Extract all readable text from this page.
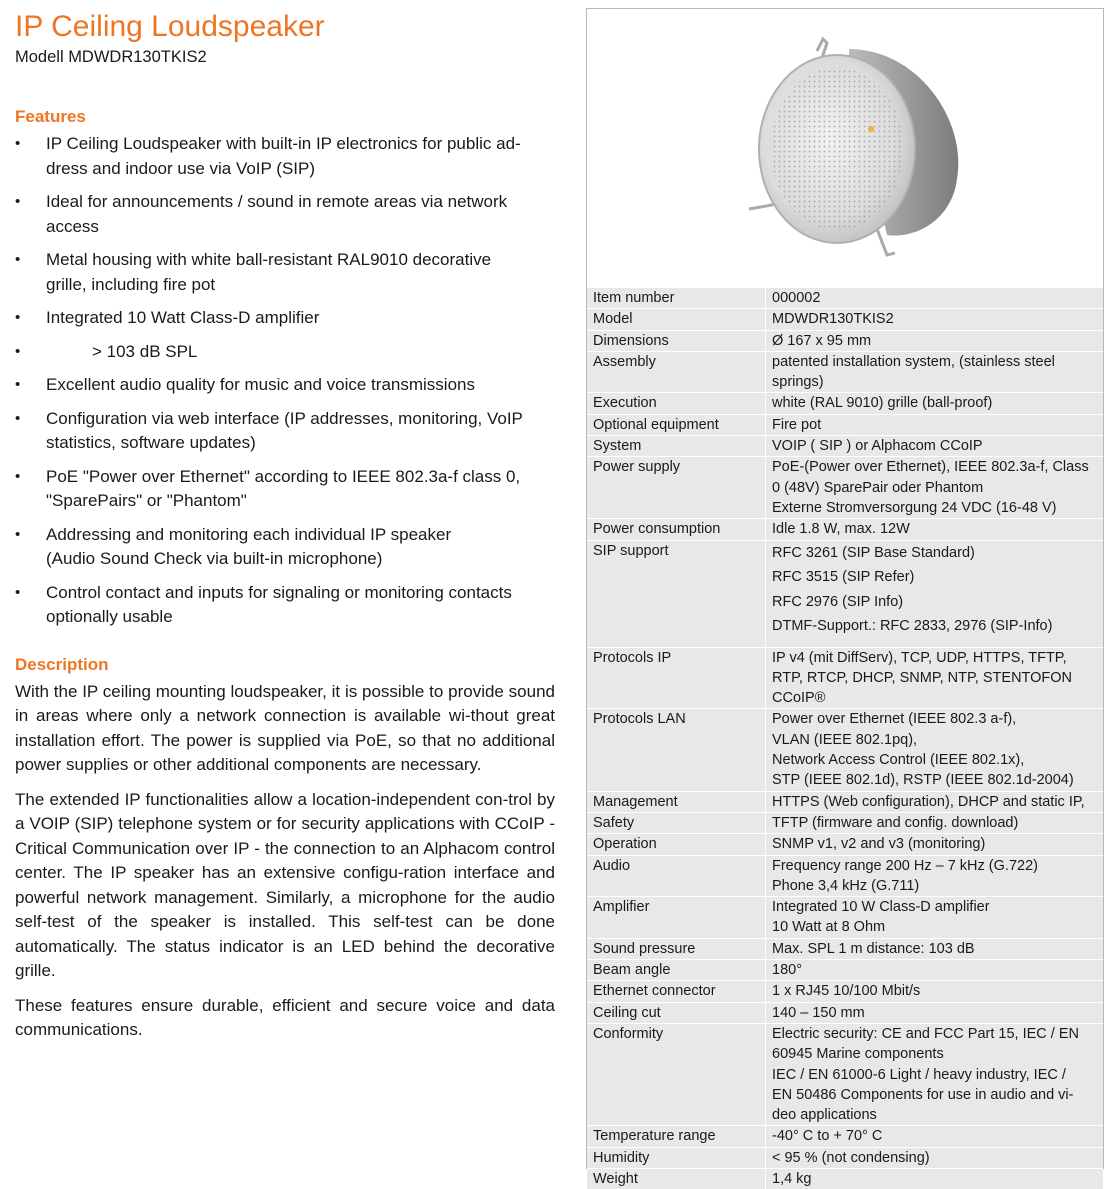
IP Ceiling Loudspeaker

Modell MDWDR130TKIS2

Features
•	IP Ceiling Loudspeaker with built-in IP electronics for public ad-
dress and indoor use via VoIP (SIP)
•	Ideal for announcements / sound in remote areas via network
access
•	Metal housing with white ball-resistant RAL9010 decorative
grille, including fire pot
•	Integrated 10 Watt Class-D amplifier
•	> 103 dB SPL
•	Excellent audio quality for music and voice transmissions
•	Configuration via web interface (IP addresses, monitoring, VoIP
statistics, software updates)
•	PoE "Power over Ethernet" according to IEEE 802.3a-f class 0,
"SparePairs" or "Phantom"
•	Addressing and monitoring each individual IP speaker
(Audio Sound Check via built-in microphone)
•	Control contact and inputs for signaling or monitoring contacts
optionally usable
Description

With the IP ceiling mounting loudspeaker, it is possible to provide sound in areas where only a network connection is available wi-thout great installation effort. The power is supplied via PoE, so that no additional power supplies or other additional components are necessary.

The extended IP functionalities allow a location-independent con-trol by a VOIP (SIP) telephone system or for security applications with CCoIP - Critical Communication over IP - the connection to an Alphacom control center. The IP speaker has an extensive configu-ration interface and powerful network management. Similarly, a microphone for the audio self-test of the speaker is installed. This self-test can be done automatically. The status indicator is an LED behind the decorative grille.

These features ensure durable, efficient and secure voice and data communications.

Item number	000002

Model	MDWDR130TKIS2

Dimensions	Ø 167 x 95 mm

Assembly	patented installation system, (stainless steel
springs)

Execution	white (RAL 9010) grille (ball-proof)

Optional equipment	Fire pot

System	VOIP ( SIP ) or Alphacom CCoIP

Power supply	PoE-(Power over Ethernet), IEEE 802.3a-f, Class
0 (48V) SparePair oder Phantom
Externe Stromversorgung 24 VDC (16-48 V)

Power consumption	Idle 1.8 W, max. 12W

SIP support	RFC 3261 (SIP Base Standard)
RFC 3515 (SIP Refer)
RFC 2976 (SIP Info)
DTMF-Support.: RFC 2833, 2976 (SIP-Info)

Protocols IP	IP v4 (mit DiffServ), TCP, UDP, HTTPS, TFTP,
RTP, RTCP, DHCP, SNMP, NTP, STENTOFON
CCoIP®

Protocols LAN	Power over Ethernet (IEEE 802.3 a-f),
VLAN (IEEE 802.1pq),
Network Access Control (IEEE 802.1x),
STP (IEEE 802.1d), RSTP (IEEE 802.1d-2004)

Management	HTTPS (Web configuration), DHCP and static IP,

Safety	TFTP (firmware and config. download)

Operation	SNMP v1, v2 and v3 (monitoring)

Audio	Frequency range 200 Hz – 7 kHz (G.722)
Phone 3,4 kHz (G.711)

Amplifier	Integrated 10 W Class-D amplifier
10 Watt at 8 Ohm

Sound pressure	Max. SPL 1 m distance: 103 dB

Beam angle	180°

Ethernet connector	1 x RJ45 10/100 Mbit/s

Ceiling cut	140 – 150 mm

Conformity	Electric security: CE and FCC Part 15, IEC / EN
60945 Marine components
IEC / EN 61000-6 Light / heavy industry, IEC /
EN 50486 Components for use in audio and vi-
deo applications

Temperature range	-40° C to + 70° C

Humidity	< 95 % (not condensing)

Weight	1,4 kg
